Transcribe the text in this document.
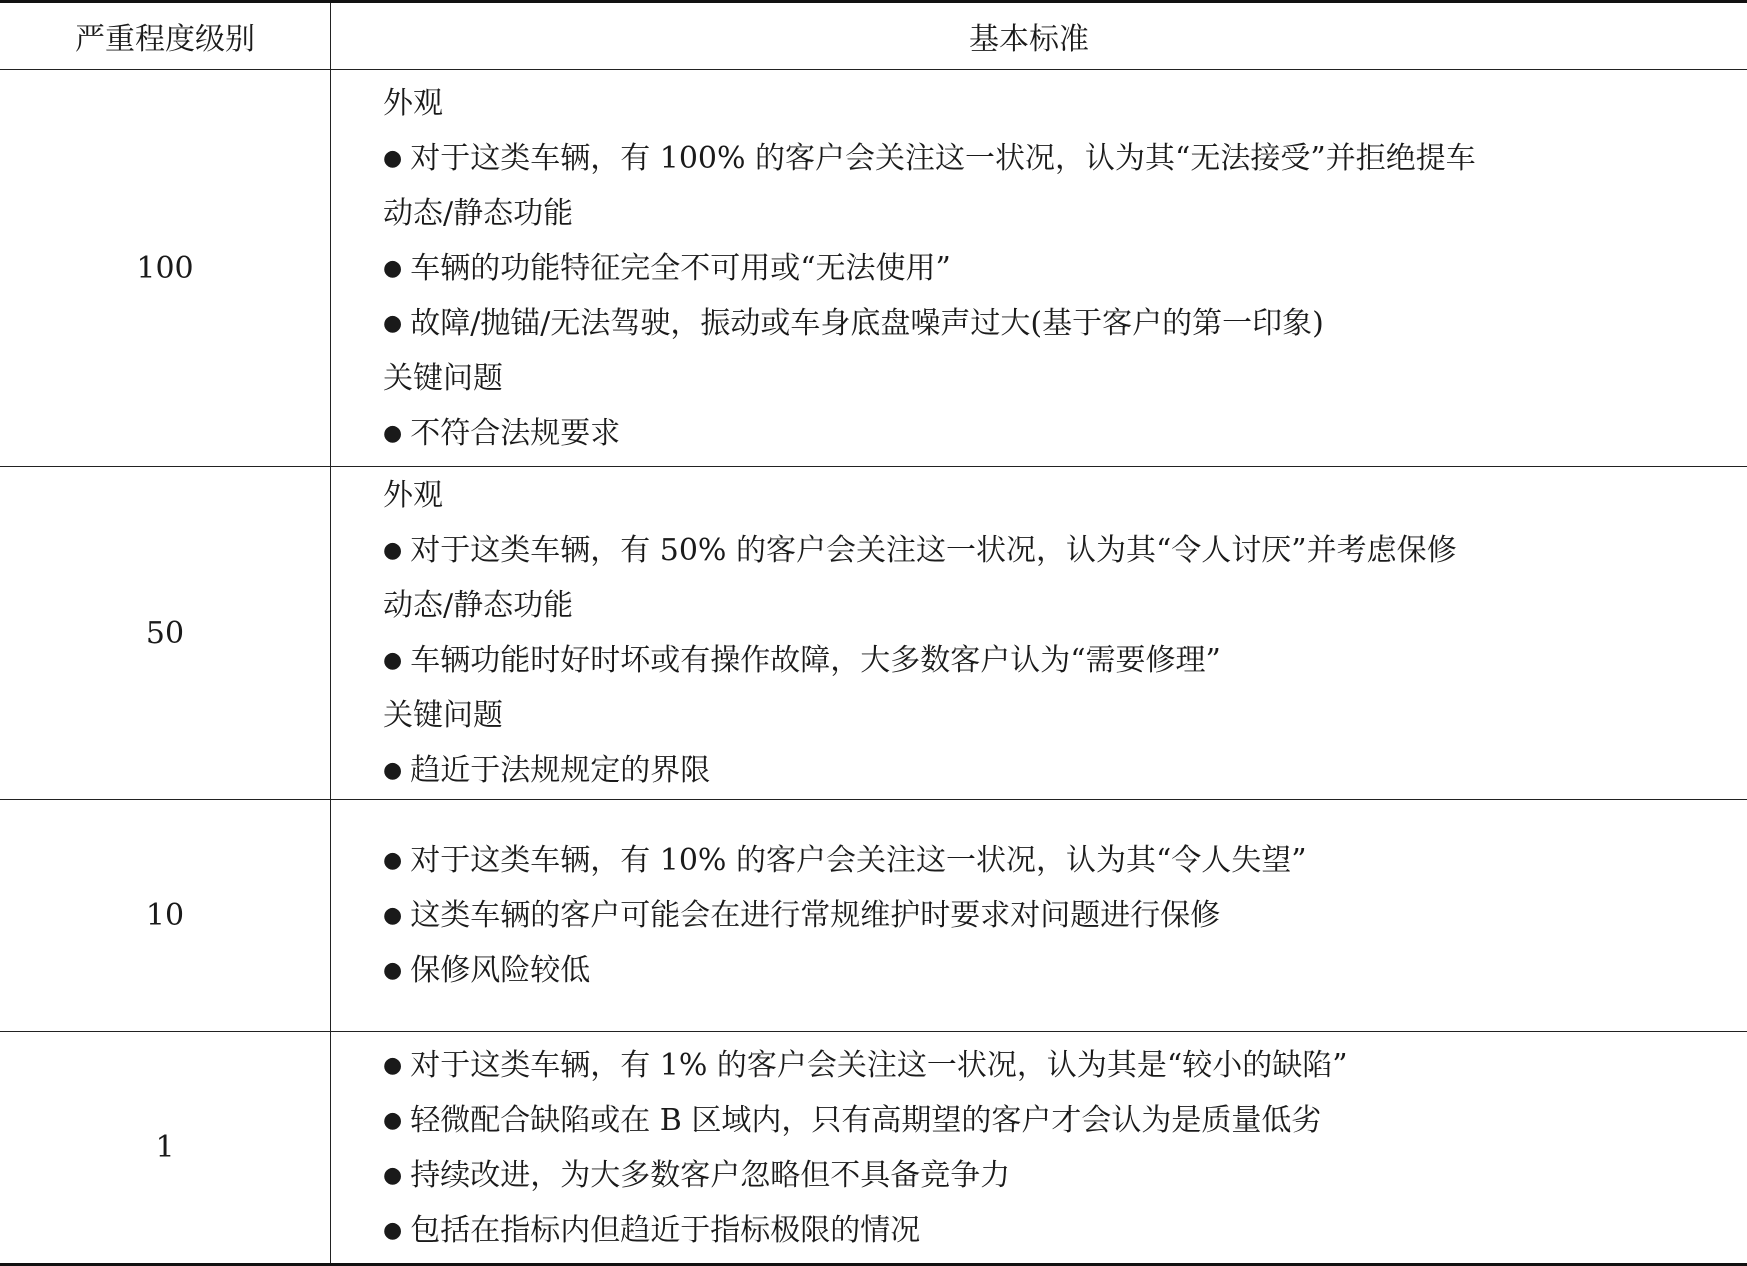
严重程度级别	基本标准
100
外观
● 对于这类车辆，有 100% 的客户会关注这一状况，认为其“无法接受”并拒绝提车
动态/静态功能
● 车辆的功能特征完全不可用或“无法使用”
● 故障/抛锚/无法驾驶，振动或车身底盘噪声过大(基于客户的第一印象)
关键问题
● 不符合法规要求
50
外观
● 对于这类车辆，有 50% 的客户会关注这一状况，认为其“令人讨厌”并考虑保修
动态/静态功能
● 车辆功能时好时坏或有操作故障，大多数客户认为“需要修理”
关键问题
● 趋近于法规规定的界限
10
● 对于这类车辆，有 10% 的客户会关注这一状况，认为其“令人失望”
● 这类车辆的客户可能会在进行常规维护时要求对问题进行保修
● 保修风险较低
1
● 对于这类车辆，有 1% 的客户会关注这一状况，认为其是“较小的缺陷”
● 轻微配合缺陷或在 B 区域内，只有高期望的客户才会认为是质量低劣
● 持续改进，为大多数客户忽略但不具备竞争力
● 包括在指标内但趋近于指标极限的情况
